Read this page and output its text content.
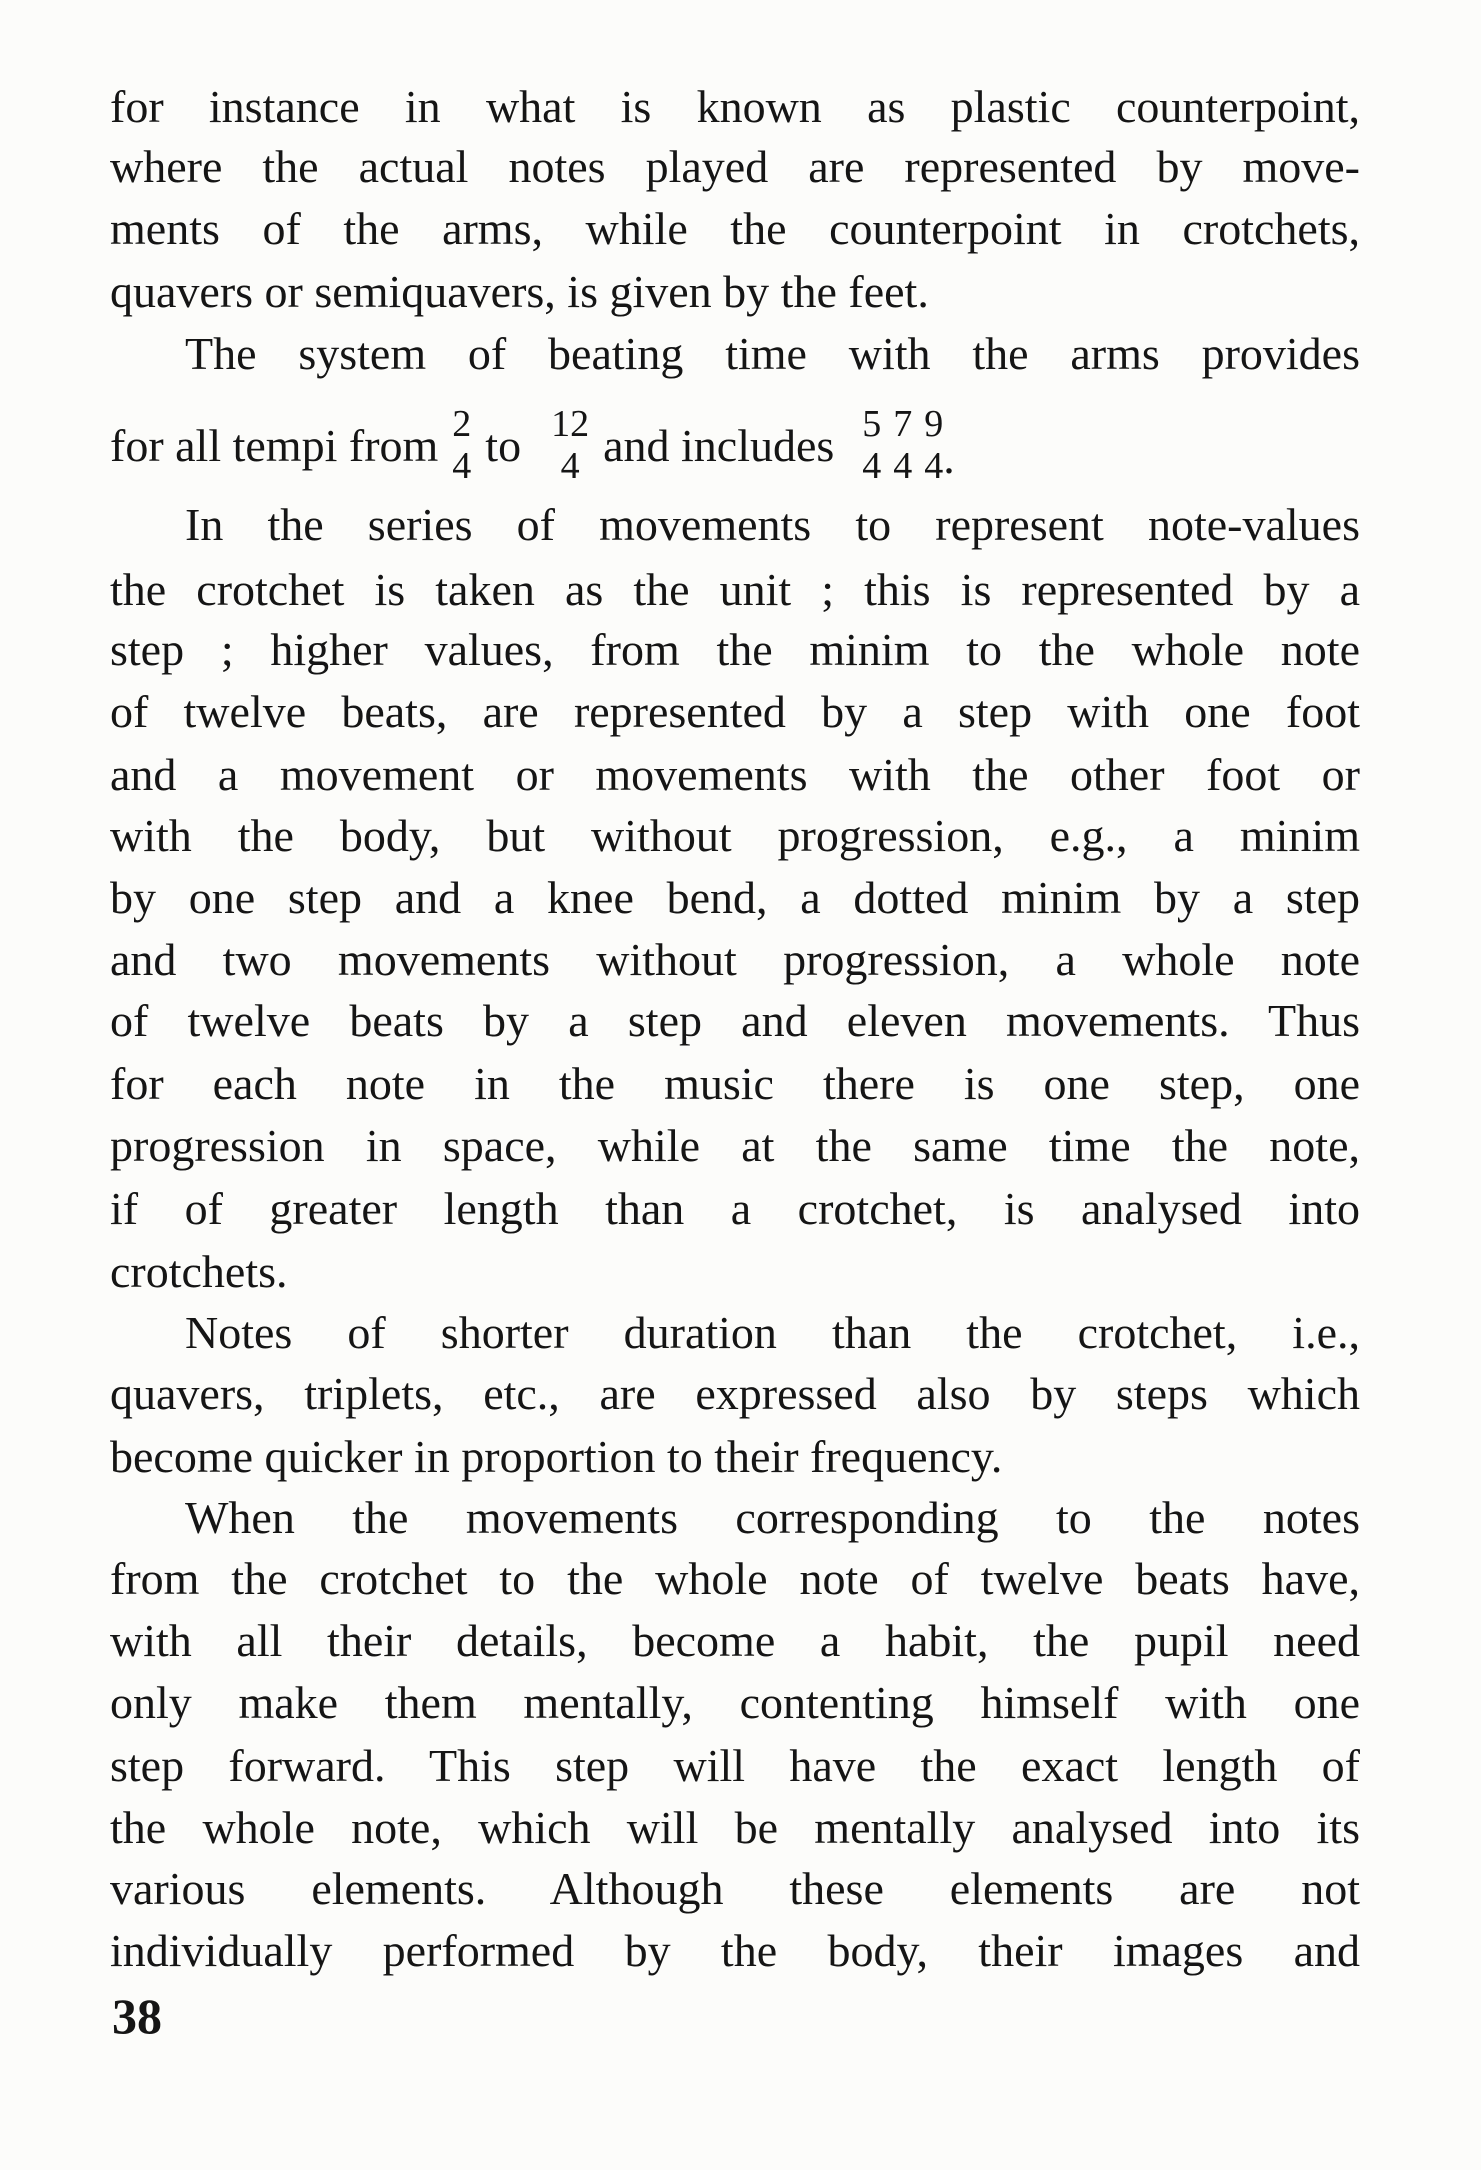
for instance in what is known as plastic counterpoint,
where the actual notes played are represented by move-
ments of the arms, while the counterpoint in crotchets,
quavers or semiquavers, is given by the feet.
The system of beating time with the arms provides
for all tempi from 2
4 to 12
4 and includes 5
4
7
4
9
4 .
In the series of movements to represent note-values
the crotchet is taken as the unit ; this is represented by a
step ; higher values, from the minim to the whole note
of twelve beats, are represented by a step with one foot
and a movement or movements with the other foot or
with the body, but without progression, e.g., a minim
by one step and a knee bend, a dotted minim by a step
and two movements without progression, a whole note
of twelve beats by a step and eleven movements. Thus
for each note in the music there is one step, one
progression in space, while at the same time the note,
if of greater length than a crotchet, is analysed into
crotchets.
Notes of shorter duration than the crotchet, i.e.,
quavers, triplets, etc., are expressed also by steps which
become quicker in proportion to their frequency.
When the movements corresponding to the notes
from the crotchet to the whole note of twelve beats have,
with all their details, become a habit, the pupil need
only make them mentally, contenting himself with one
step forward. This step will have the exact length of
the whole note, which will be mentally analysed into its
various elements. Although these elements are not
individually performed by the body, their images and
38
